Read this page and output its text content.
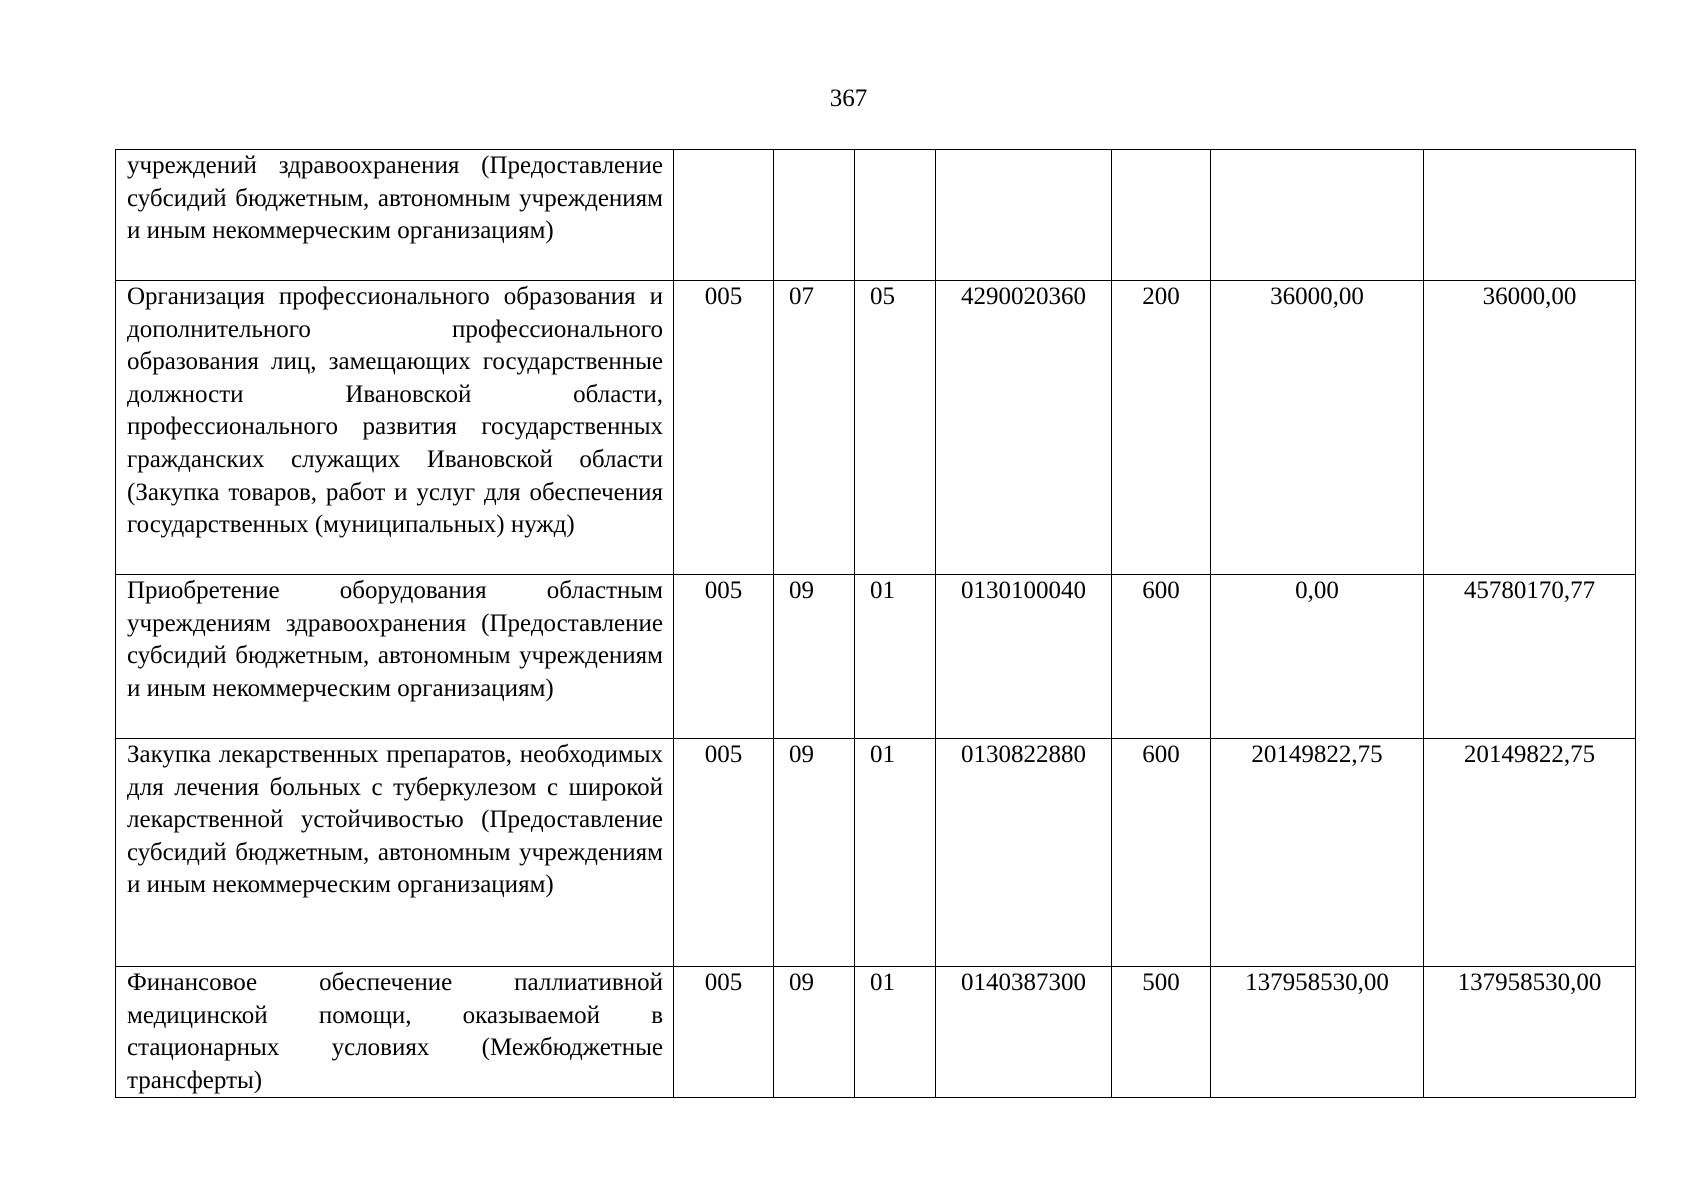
367
учреждений здравоохранения (Предоставление субсидий бюджетным, автономным учреждениям и иным некоммерческим организациям)							
Организация профессионального образования и дополнительного профессионального образования лиц, замещающих государственные должности Ивановской области, профессионального развития государственных гражданских служащих Ивановской области (Закупка товаров, работ и услуг для обеспечения государственных (муниципальных) нужд)	005	07	05	4290020360	200	36000,00	36000,00
Приобретение оборудования областным учреждениям здравоохранения (Предоставление субсидий бюджетным, автономным учреждениям и иным некоммерческим организациям)	005	09	01	0130100040	600	0,00	45780170,77
Закупка лекарственных препаратов, необходимых для лечения больных с туберкулезом с широкой лекарственной устойчивостью (Предоставление субсидий бюджетным, автономным учреждениям и иным некоммерческим организациям)	005	09	01	0130822880	600	20149822,75	20149822,75
Финансовое обеспечение паллиативной медицинской помощи, оказываемой в стационарных условиях (Межбюджетные трансферты)	005	09	01	0140387300	500	137958530,00	137958530,00
